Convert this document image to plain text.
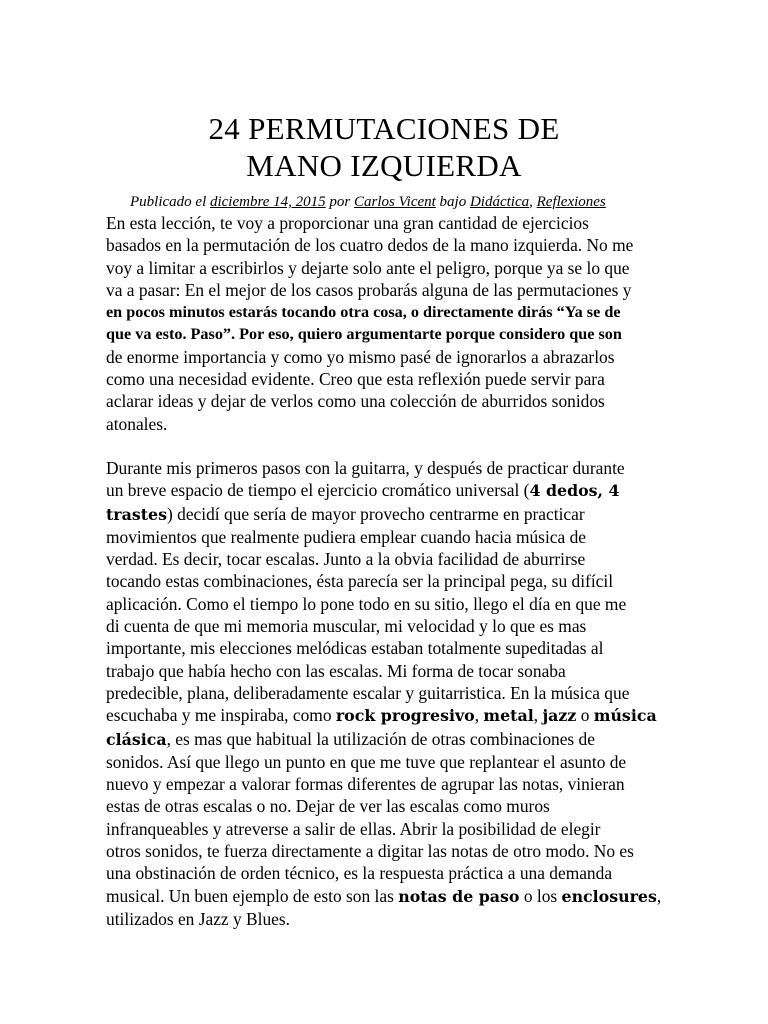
24 PERMUTACIONES DE
MANO IZQUIERDA
Publicado el diciembre 14, 2015 por Carlos Vicent bajo Didáctica, Reflexiones

En esta lección, te voy a proporcionar una gran cantidad de ejercicios
basados en la permutación de los cuatro dedos de la mano izquierda. No me
voy a limitar a escribirlos y dejarte solo ante el peligro, porque ya se lo que
va a pasar: En el mejor de los casos probarás alguna de las permutaciones y
en pocos minutos estarás tocando otra cosa, o directamente dirás “Ya se de
que va esto. Paso”. Por eso, quiero argumentarte porque considero que son
de enorme importancia y como yo mismo pasé de ignorarlos a abrazarlos
como una necesidad evidente. Creo que esta reflexión puede servir para
aclarar ideas y dejar de verlos como una colección de aburridos sonidos
atonales.

Durante mis primeros pasos con la guitarra, y después de practicar durante
un breve espacio de tiempo el ejercicio cromático universal (4 dedos, 4
trastes) decidí que sería de mayor provecho centrarme en practicar
movimientos que realmente pudiera emplear cuando hacia música de
verdad. Es decir, tocar escalas. Junto a la obvia facilidad de aburrirse
tocando estas combinaciones, ésta parecía ser la principal pega, su difícil
aplicación. Como el tiempo lo pone todo en su sitio, llego el día en que me
di cuenta de que mi memoria muscular, mi velocidad y lo que es mas
importante, mis elecciones melódicas estaban totalmente supeditadas al
trabajo que había hecho con las escalas. Mi forma de tocar sonaba
predecible, plana, deliberadamente escalar y guitarristica. En la música que
escuchaba y me inspiraba, como rock progresivo, metal, jazz o música
clásica, es mas que habitual la utilización de otras combinaciones de
sonidos. Así que llego un punto en que me tuve que replantear el asunto de
nuevo y empezar a valorar formas diferentes de agrupar las notas, vinieran
estas de otras escalas o no. Dejar de ver las escalas como muros
infranqueables y atreverse a salir de ellas. Abrir la posibilidad de elegir
otros sonidos, te fuerza directamente a digitar las notas de otro modo. No es
una obstinación de orden técnico, es la respuesta práctica a una demanda
musical. Un buen ejemplo de esto son las notas de paso o los enclosures,
utilizados en Jazz y Blues.
